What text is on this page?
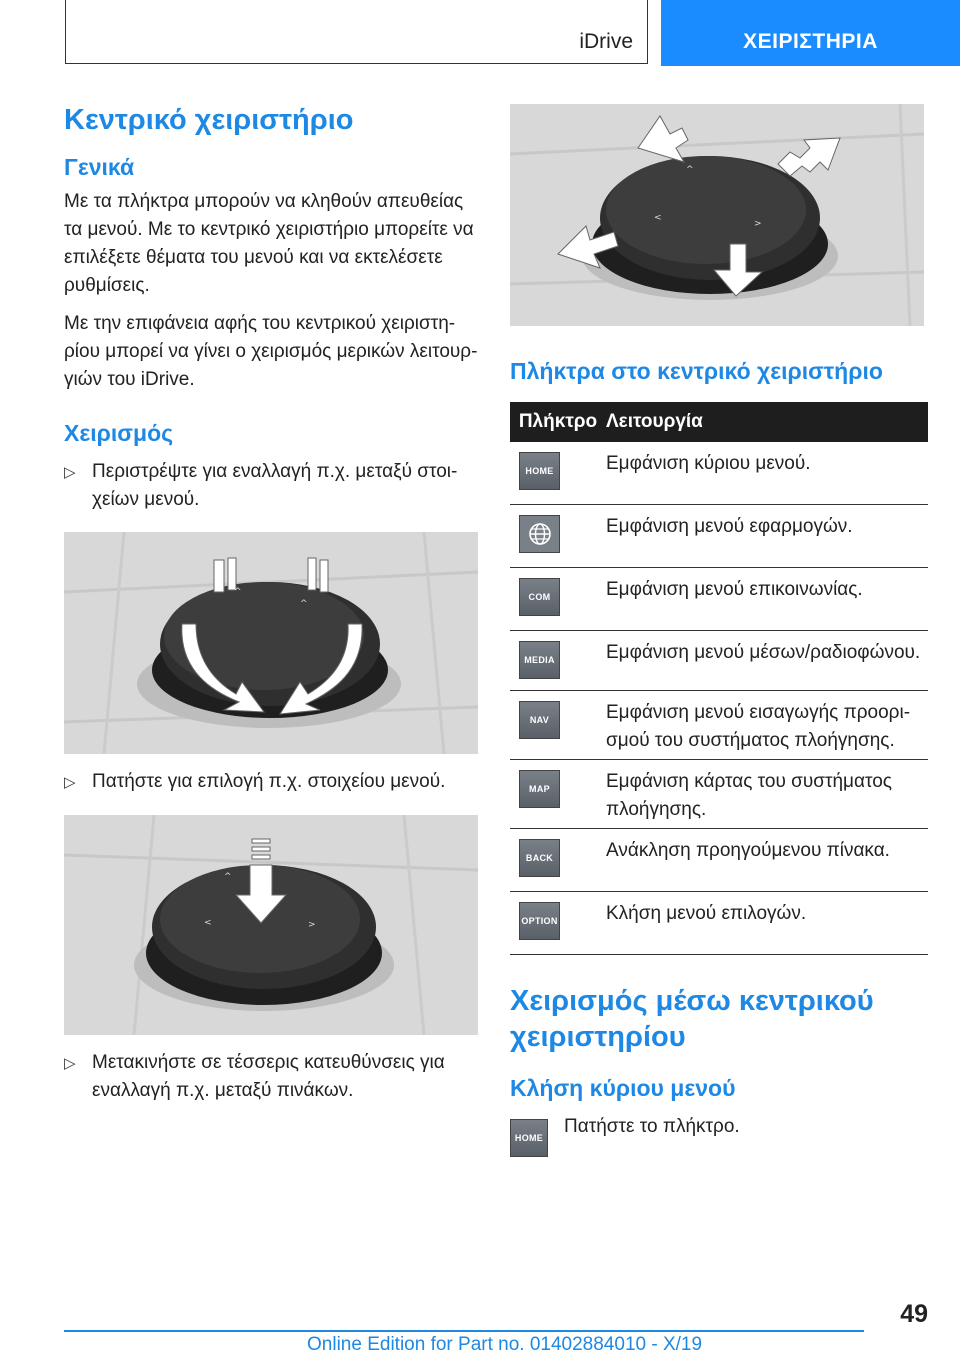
iDrive	ΧΕΙΡΙΣΤΗΡΙΑ
Κεντρικό χειριστήριο
Γενικά

Με τα πλήκτρα μπορούν να κληθούν απευθείας τα μενού. Με το κεντρικό χειριστήριο μπορείτε να επιλέξετε θέματα του μενού και να εκτελέσετε ρυθμίσεις.

Με την επιφάνεια αφής του κεντρικού χειριστηρίου μπορεί να γίνει ο χειρισμός μερικών λειτουργιών του iDrive.

Χειρισμός
▷ Περιστρέψτε για εναλλαγή π.χ. μεταξύ στοιχείων μενού.
^
^
▷ Πατήστε για επιλογή π.χ. στοιχείου μενού.
^
<	>
▷ Μετακινήστε σε τέσσερις κατευθύνσεις για εναλλαγή π.χ. μεταξύ πινάκων.
^
<
>
Πλήκτρα στο κεντρικό χειριστήριο
Πλήκτρο Λειτουργία
HOME	Εμφάνιση κύριου μενού.
Εμφάνιση μενού εφαρμογών.
COM	Εμφάνιση μενού επικοινωνίας.
MEDIA	Εμφάνιση μενού μέσων/ραδιοφώνου.
NAV	Εμφάνιση μενού εισαγωγής προορισμού του συστήματος πλοήγησης.
MAP	Εμφάνιση κάρτας του συστήματος πλοήγησης.
BACK	Ανάκληση προηγούμενου πίνακα.
OPTION	Κλήση μενού επιλογών.
Χειρισμός μέσω κεντρικού χειριστηρίου
Κλήση κύριου μενού
HOME

Πατήστε το πλήκτρο.

49
Online Edition for Part no. 01402884010 - X/19
